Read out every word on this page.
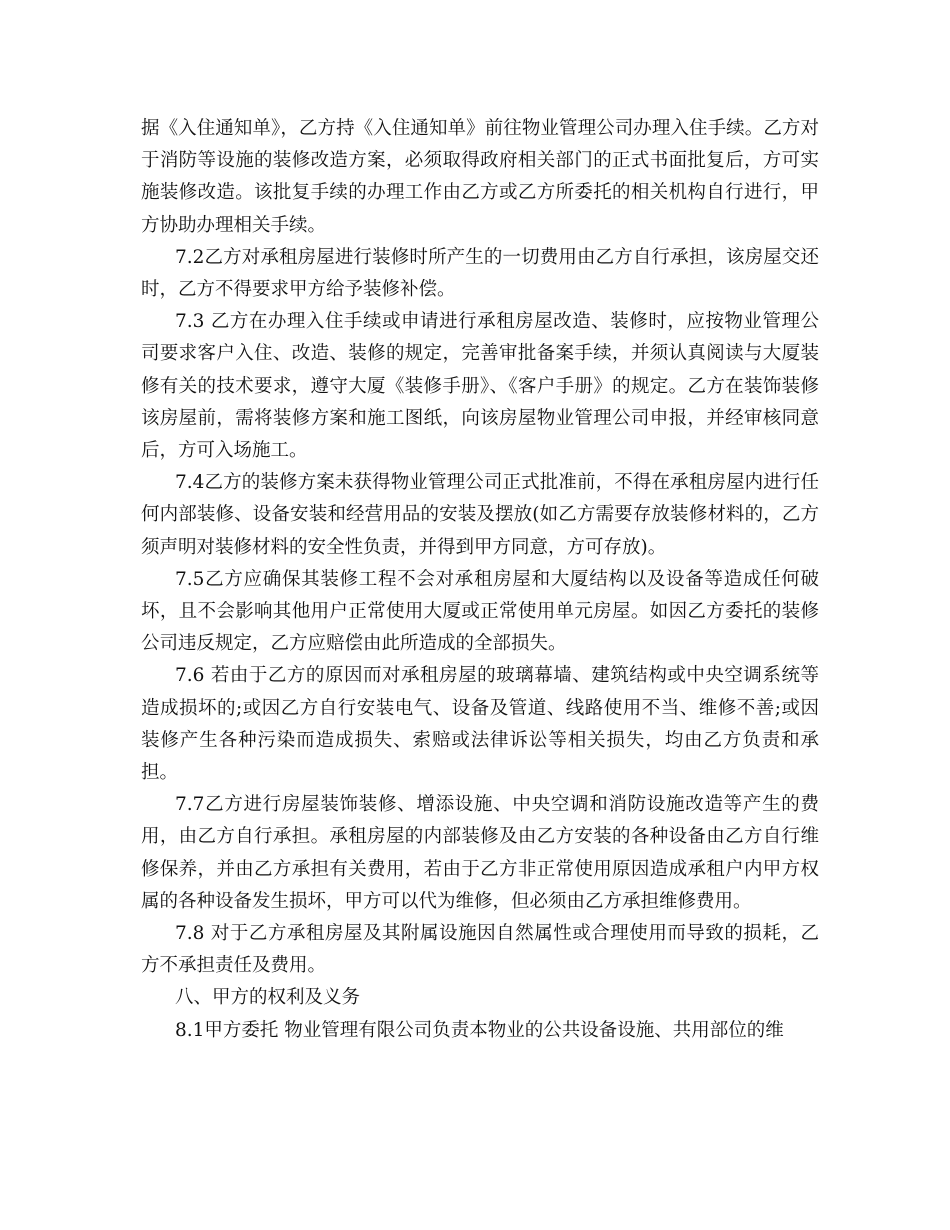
据《入住通知单》，乙方持《入住通知单》前往物业管理公司办理入住手续。乙方对于消防等设施的装修改造方案，必须取得政府相关部门的正式书面批复后，方可实施装修改造。该批复手续的办理工作由乙方或乙方所委托的相关机构自行进行，甲方协助办理相关手续。

7.2乙方对承租房屋进行装修时所产生的一切费用由乙方自行承担，该房屋交还时，乙方不得要求甲方给予装修补偿。

7.3 乙方在办理入住手续或申请进行承租房屋改造、装修时，应按物业管理公司要求客户入住、改造、装修的规定，完善审批备案手续，并须认真阅读与大厦装修有关的技术要求，遵守大厦《装修手册》、《客户手册》的规定。乙方在装饰装修该房屋前，需将装修方案和施工图纸，向该房屋物业管理公司申报，并经审核同意后，方可入场施工。

7.4乙方的装修方案未获得物业管理公司正式批准前，不得在承租房屋内进行任何内部装修、设备安装和经营用品的安装及摆放(如乙方需要存放装修材料的，乙方须声明对装修材料的安全性负责，并得到甲方同意，方可存放)。

7.5乙方应确保其装修工程不会对承租房屋和大厦结构以及设备等造成任何破坏，且不会影响其他用户正常使用大厦或正常使用单元房屋。如因乙方委托的装修公司违反规定，乙方应赔偿由此所造成的全部损失。

7.6 若由于乙方的原因而对承租房屋的玻璃幕墙、建筑结构或中央空调系统等造成损坏的;或因乙方自行安装电气、设备及管道、线路使用不当、维修不善;或因装修产生各种污染而造成损失、索赔或法律诉讼等相关损失，均由乙方负责和承担。

7.7乙方进行房屋装饰装修、增添设施、中央空调和消防设施改造等产生的费用，由乙方自行承担。承租房屋的内部装修及由乙方安装的各种设备由乙方自行维修保养，并由乙方承担有关费用，若由于乙方非正常使用原因造成承租户内甲方权属的各种设备发生损坏，甲方可以代为维修，但必须由乙方承担维修费用。

7.8 对于乙方承租房屋及其附属设施因自然属性或合理使用而导致的损耗，乙方不承担责任及费用。

八、甲方的权利及义务

8.1甲方委托 物业管理有限公司负责本物业的公共设备设施、共用部位的维
